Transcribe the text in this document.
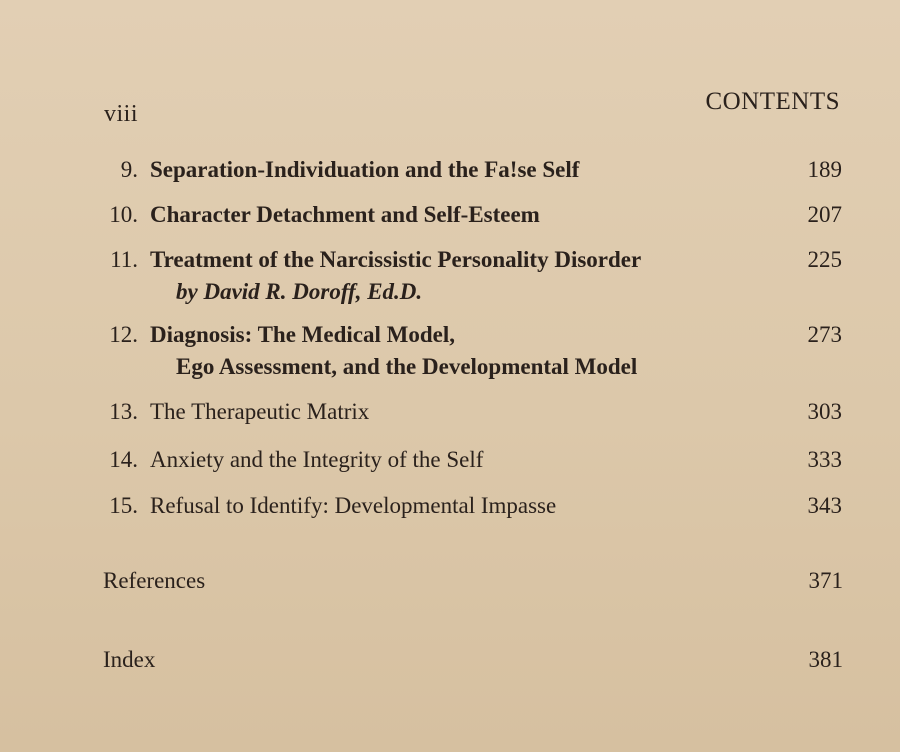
viii	CONTENTS
9. Separation-Individuation and the Fa!se Self	189
10. Character Detachment and Self-Esteem	207
11. Treatment of the Narcissistic Personality Disorder	225
by David R. Doroff, Ed.D.
12. Diagnosis: The Medical Model,	273
Ego Assessment, and the Developmental Model
13. The Therapeutic Matrix	303
14. Anxiety and the Integrity of the Self	333
15. Refusal to Identify: Developmental Impasse	343
References	371
Index	381
